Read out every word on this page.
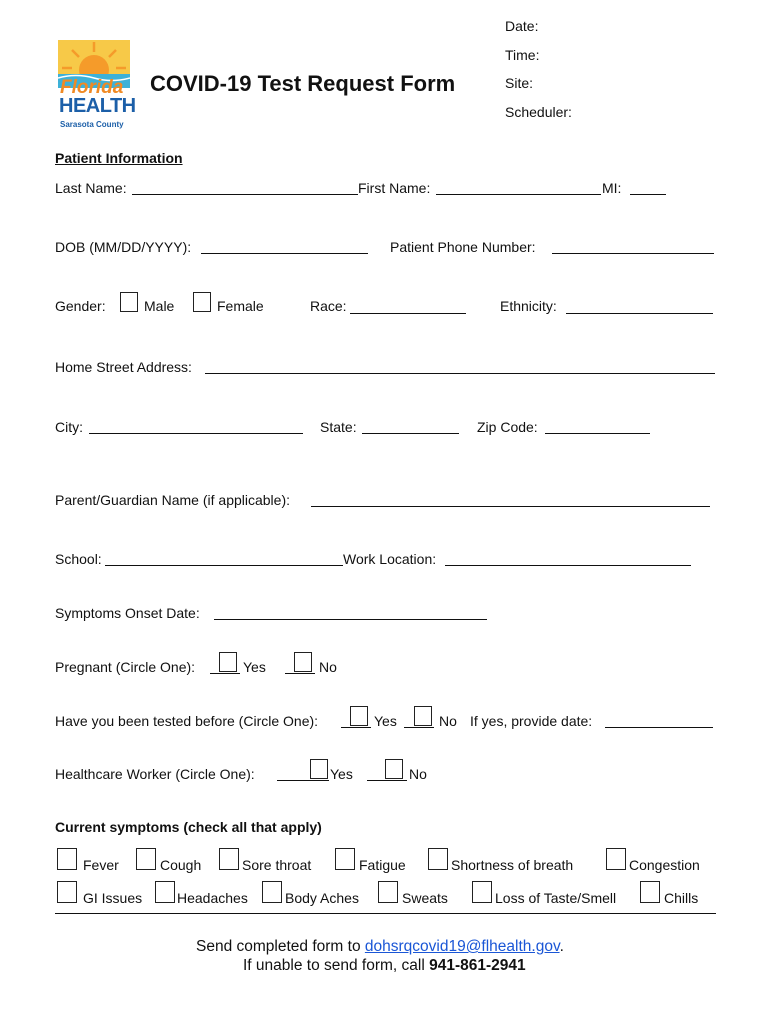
Florida
HEALTH
Sarasota County
COVID-19 Test Request Form
Date:
Time:
Site:
Scheduler:
Patient Information
Last Name:	First Name:	MI:
DOB (MM/DD/YYYY):	Patient Phone Number:
Gender:	Male	Female	Race:	Ethnicity:
Home Street Address:
City:	State:	Zip Code:
Parent/Guardian Name (if applicable):
School:	Work Location:
Symptoms Onset Date:
Pregnant (Circle One):	Yes	No
Have you been tested before (Circle One):	Yes	No If yes, provide date:
Healthcare Worker (Circle One):	Yes	No
Current symptoms (check all that apply)
Fever	Cough	Sore throat	Fatigue	Shortness of breath	Congestion
GI Issues Headaches	Body Aches	Sweats	Loss of Taste/Smell	Chills
Send completed form to dohsrqcovid19@flhealth.gov.
If unable to send form, call 941-861-2941
